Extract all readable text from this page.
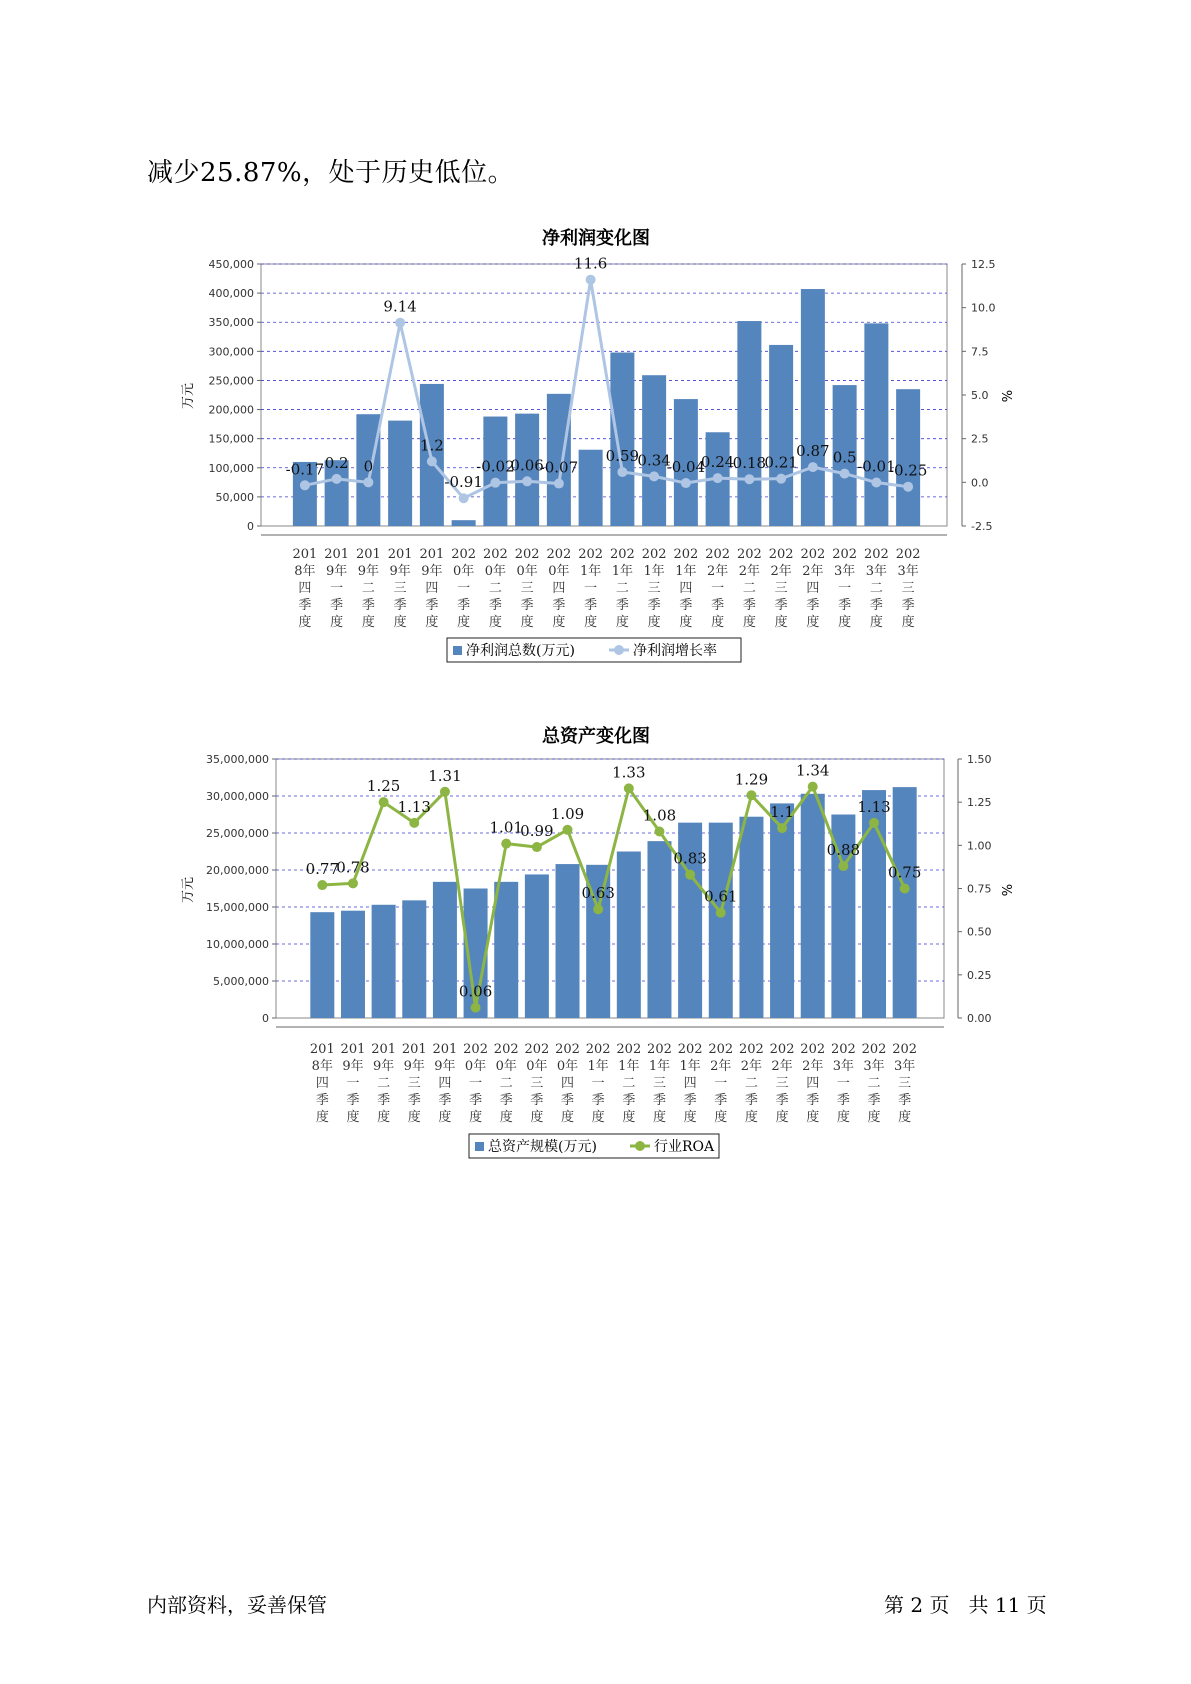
减少25.87%，处于历史低位。
净利润变化图
0
50,000
100,000
150,000
200,000
250,000
300,000
350,000
400,000
450,000
-2.5
0.0
2.5
5.0
7.5
10.0
12.5
万元	%
201 8年四季度
201 9年一季度
201 9年二季度
201 9年三季度
201 9年四季度
202 0年一季度
202 0年二季度
202 0年三季度
202 0年四季度
202 1年一季度
202 1年二季度
202 1年三季度
202 1年四季度
202 2年一季度
202 2年二季度
202 2年三季度
202 2年四季度
202 3年一季度
202 3年二季度
202 3年三季度
-0.17 0.2 0
9.14
1.2
-0.91
-0.02
0.06
-0.07
11.6
0.59
0.34
-0.04
0.24
0.18
0.21
0.87 0.5 -0.01
-0.25
净利润总数(万元)	净利润增长率
总资产变化图
0
5,000,000
10,000,000
15,000,000
20,000,000
25,000,000
30,000,000
35,000,000
0.00
0.25
0.50
0.75
1.00
1.25
1.50
万元	%
201 8年四季度
201 9年一季度
201 9年二季度
201 9年三季度
201 9年四季度
202 0年一季度
202 0年二季度
202 0年三季度
202 0年四季度
202 1年一季度
202 1年二季度
202 1年三季度
202 1年四季度
202 2年一季度
202 2年二季度
202 2年三季度
202 2年四季度
202 3年一季度
202 3年二季度
202 3年三季度
0.77
0.78
1.25
1.13
1.31
0.06
1.01
0.99
1.09
0.63
1.33
1.08
0.83
0.61
1.29
1.1
1.34
0.88
1.13
0.75
总资产规模(万元)	行业ROA
内部资料，妥善保管	第 2 页   共 11 页
